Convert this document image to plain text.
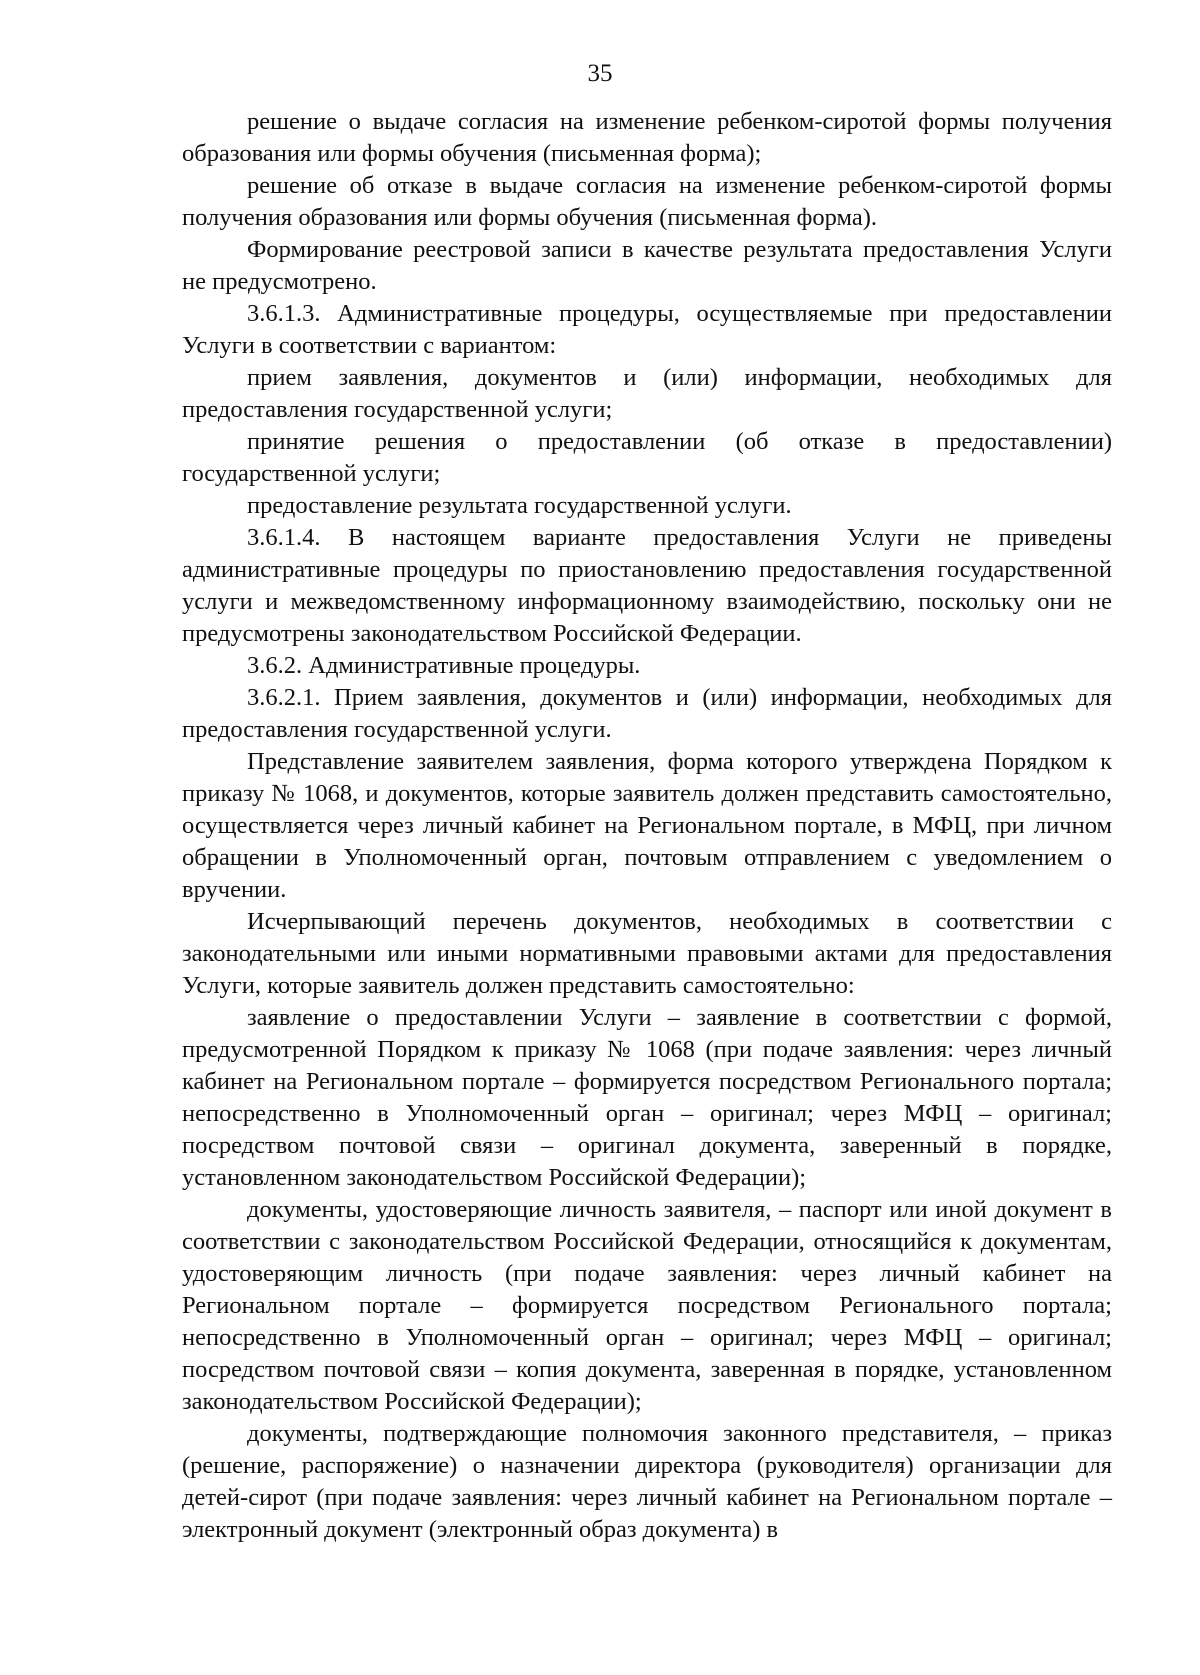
35

решение о выдаче согласия на изменение ребенком-сиротой формы получения образования или формы обучения (письменная форма);

решение об отказе в выдаче согласия на изменение ребенком-сиротой формы получения образования или формы обучения (письменная форма).

Формирование реестровой записи в качестве результата предоставления Услуги не предусмотрено.

3.6.1.3. Административные процедуры, осуществляемые при предоставлении Услуги в соответствии с вариантом:

прием заявления, документов и (или) информации, необходимых для предоставления государственной услуги;

принятие решения о предоставлении (об отказе в предоставлении) государственной услуги;

предоставление результата государственной услуги.

3.6.1.4. В настоящем варианте предоставления Услуги не приведены административные процедуры по приостановлению предоставления государственной услуги и межведомственному информационному взаимодействию, поскольку они не предусмотрены законодательством Российской Федерации.

3.6.2. Административные процедуры.

3.6.2.1. Прием заявления, документов и (или) информации, необходимых для предоставления государственной услуги.

Представление заявителем заявления, форма которого утверждена Порядком к приказу № 1068, и документов, которые заявитель должен представить самостоятельно, осуществляется через личный кабинет на Региональном портале, в МФЦ, при личном обращении в Уполномоченный орган, почтовым отправлением с уведомлением о вручении.

Исчерпывающий перечень документов, необходимых в соответствии с законодательными или иными нормативными правовыми актами для предоставления Услуги, которые заявитель должен представить самостоятельно:

заявление о предоставлении Услуги – заявление в соответствии с формой, предусмотренной Порядком к приказу № 1068 (при подаче заявления: через личный кабинет на Региональном портале – формируется посредством Регионального портала; непосредственно в Уполномоченный орган – оригинал; через МФЦ – оригинал; посредством почтовой связи – оригинал документа, заверенный в порядке, установленном законодательством Российской Федерации);

документы, удостоверяющие личность заявителя, – паспорт или иной документ в соответствии с законодательством Российской Федерации, относящийся к документам, удостоверяющим личность (при подаче заявления: через личный кабинет на Региональном портале – формируется посредством Регионального портала; непосредственно в Уполномоченный орган – оригинал; через МФЦ – оригинал; посредством почтовой связи – копия документа, заверенная в порядке, установленном законодательством Российской Федерации);

документы, подтверждающие полномочия законного представителя, – приказ (решение, распоряжение) о назначении директора (руководителя) организации для детей-сирот (при подаче заявления: через личный кабинет на Региональном портале – электронный документ (электронный образ документа) в
